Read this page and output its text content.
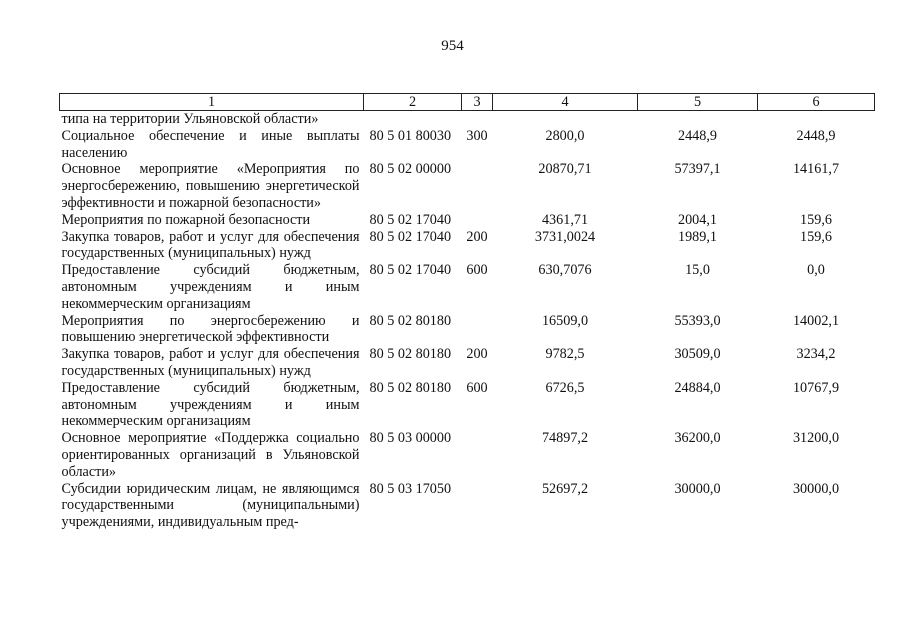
954
1	2	3	4	5	6
типа на территории Ульяновской области»					
Социальное обеспечение и иные выплаты населению	80 5 01 80030	300	2800,0	2448,9	2448,9
Основное мероприятие «Мероприятия по энергосбережению, повышению энергетической эффективности и пожарной безопасности»	80 5 02 00000		20870,71	57397,1	14161,7
Мероприятия по пожарной безопасности	80 5 02 17040		4361,71	2004,1	159,6
Закупка товаров, работ и услуг для обеспечения государственных (муниципальных) нужд	80 5 02 17040	200	3731,0024	1989,1	159,6
Предоставление субсидий бюджетным, автономным учреждениям и иным некоммерческим организациям	80 5 02 17040	600	630,7076	15,0	0,0
Мероприятия по энергосбережению и повышению энергетической эффективности	80 5 02 80180		16509,0	55393,0	14002,1
Закупка товаров, работ и услуг для обеспечения государственных (муниципальных) нужд	80 5 02 80180	200	9782,5	30509,0	3234,2
Предоставление субсидий бюджетным, автономным учреждениям и иным некоммерческим организациям	80 5 02 80180	600	6726,5	24884,0	10767,9
Основное мероприятие «Поддержка социально ориентированных организаций в Ульяновской области»	80 5 03 00000		74897,2	36200,0	31200,0
Субсидии юридическим лицам, не являющимся государственными (муниципальными) учреждениями, индивидуальным пред-	80 5 03 17050		52697,2	30000,0	30000,0
